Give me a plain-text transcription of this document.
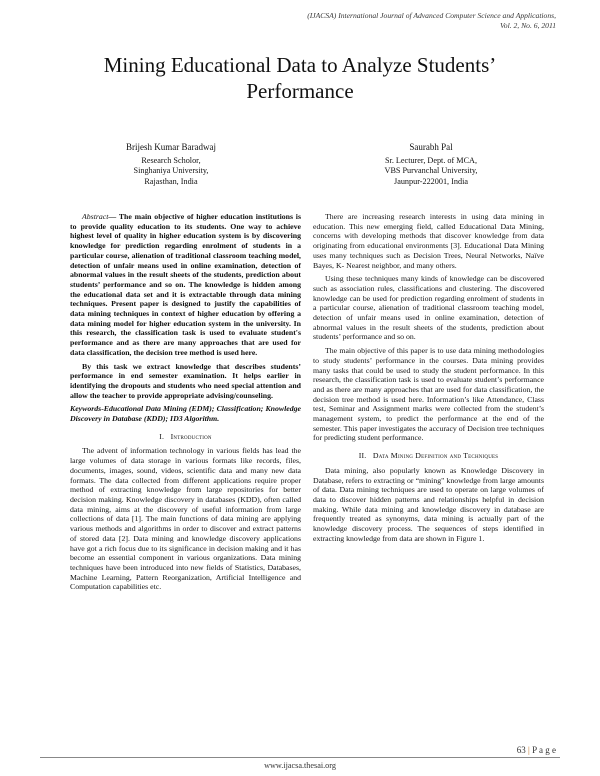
(IJACSA) International Journal of Advanced Computer Science and Applications,
Vol. 2, No. 6, 2011
Mining Educational Data to Analyze Students’
Performance
Brijesh Kumar Baradwaj
Research Scholor,
Singhaniya University,
Rajasthan, India
Saurabh Pal
Sr. Lecturer, Dept. of MCA,
VBS Purvanchal University,
Jaunpur-222001, India

Abstract— The main objective of higher education institutions is to provide quality education to its students. One way to achieve highest level of quality in higher education system is by discovering knowledge for prediction regarding enrolment of students in a particular course, alienation of traditional classroom teaching model, detection of unfair means used in online examination, detection of abnormal values in the result sheets of the students, prediction about students’ performance and so on. The knowledge is hidden among the educational data set and it is extractable through data mining techniques. Present paper is designed to justify the capabilities of data mining techniques in context of higher education by offering a data mining model for higher education system in the university. In this research, the classification task is used to evaluate student's performance and as there are many approaches that are used for data classification, the decision tree method is used here.

By this task we extract knowledge that describes students’ performance in end semester examination. It helps earlier in identifying the dropouts and students who need special attention and allow the teacher to provide appropriate advising/counseling.

Keywords-Educational Data Mining (EDM); Classification; Knowledge Discovery in Database (KDD); ID3 Algorithm.

I. Introduction

The advent of information technology in various fields has lead the large volumes of data storage in various formats like records, files, documents, images, sound, videos, scientific data and many new data formats. The data collected from different applications require proper method of extracting knowledge from large repositories for better decision making. Knowledge discovery in databases (KDD), often called data mining, aims at the discovery of useful information from large collections of data [1]. The main functions of data mining are applying various methods and algorithms in order to discover and extract patterns of stored data [2]. Data mining and knowledge discovery applications have got a rich focus due to its significance in decision making and it has become an essential component in various organizations. Data mining techniques have been introduced into new fields of Statistics, Databases, Machine Learning, Pattern Reorganization, Artificial Intelligence and Computation capabilities etc.

There are increasing research interests in using data mining in education. This new emerging field, called Educational Data Mining, concerns with developing methods that discover knowledge from data originating from educational environments [3]. Educational Data Mining uses many techniques such as Decision Trees, Neural Networks, Naïve Bayes, K- Nearest neighbor, and many others.

Using these techniques many kinds of knowledge can be discovered such as association rules, classifications and clustering. The discovered knowledge can be used for prediction regarding enrolment of students in a particular course, alienation of traditional classroom teaching model, detection of unfair means used in online examination, detection of abnormal values in the result sheets of the students, prediction about students’ performance and so on.

The main objective of this paper is to use data mining methodologies to study students’ performance in the courses. Data mining provides many tasks that could be used to study the student performance. In this research, the classification task is used to evaluate student’s performance and as there are many approaches that are used for data classification, the decision tree method is used here. Information’s like Attendance, Class test, Seminar and Assignment marks were collected from the student’s management system, to predict the performance at the end of the semester. This paper investigates the accuracy of Decision tree techniques for predicting student performance.

II. Data Mining Definition and Techniques

Data mining, also popularly known as Knowledge Discovery in Database, refers to extracting or “mining" knowledge from large amounts of data. Data mining techniques are used to operate on large volumes of data to discover hidden patterns and relationships helpful in decision making. While data mining and knowledge discovery in database are frequently treated as synonyms, data mining is actually part of the knowledge discovery process. The sequences of steps identified in extracting knowledge from data are shown in Figure 1.

63 | P a g e
www.ijacsa.thesai.org
